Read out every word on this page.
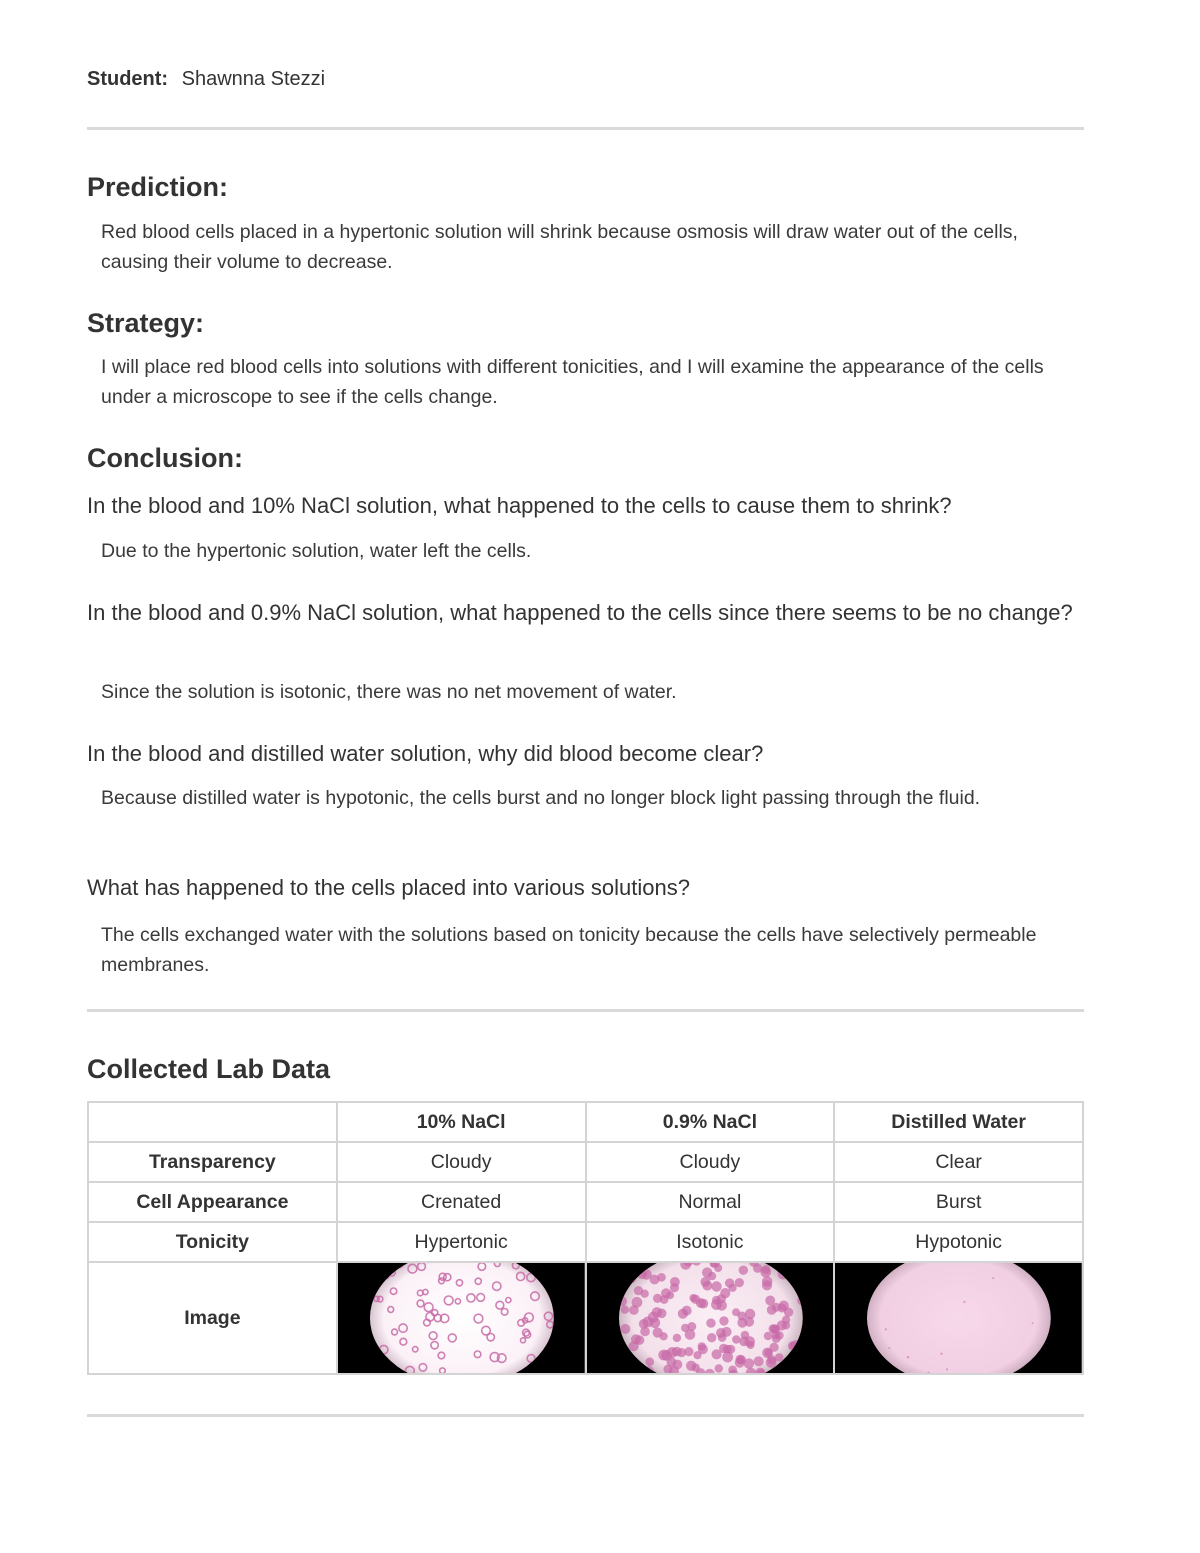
Student: Shawnna Stezzi
Prediction:
Red blood cells placed in a hypertonic solution will shrink because osmosis will draw water out of the cells, causing their volume to decrease.
Strategy:
I will place red blood cells into solutions with different tonicities, and I will examine the appearance of the cells under a microscope to see if the cells change.
Conclusion:
In the blood and 10% NaCl solution, what happened to the cells to cause them to shrink?
Due to the hypertonic solution, water left the cells.
In the blood and 0.9% NaCl solution, what happened to the cells since there seems to be no change?
Since the solution is isotonic, there was no net movement of water.
In the blood and distilled water solution, why did blood become clear?
Because distilled water is hypotonic, the cells burst and no longer block light passing through the fluid.
What has happened to the cells placed into various solutions?
The cells exchanged water with the solutions based on tonicity because the cells have selectively permeable membranes.
Collected Lab Data
	10% NaCl	0.9% NaCl	Distilled Water
Transparency	Cloudy	Cloudy	Clear
Cell Appearance	Crenated	Normal	Burst
Tonicity	Hypertonic	Isotonic	Hypotonic
Image	
